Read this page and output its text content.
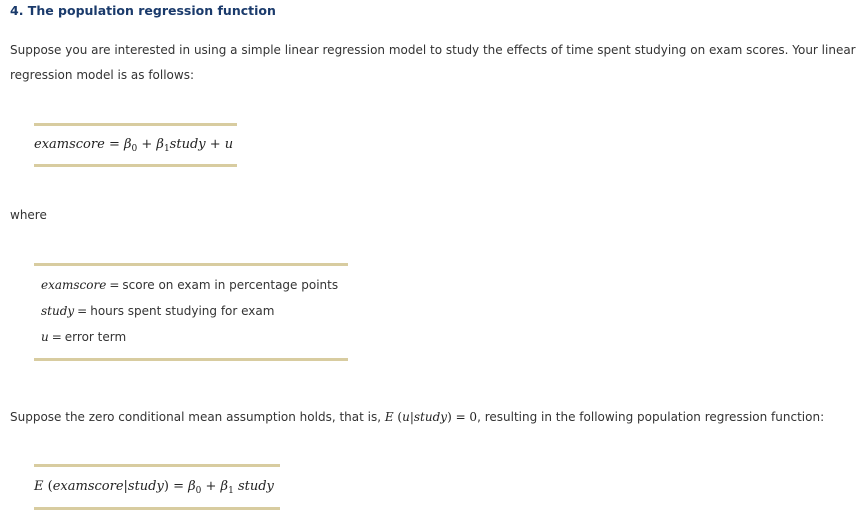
4. The population regression function
Suppose you are interested in using a simple linear regression model to study the effects of time spent studying on exam scores. Your linear
regression model is as follows:
examscore = $\beta_0$ + $\beta_1study + u$
where
examscore = score on exam in percentage points
study = hours spent studying for exam
u = error term
Suppose the zero conditional mean assumption holds, that is, E (u|study) = 0, resulting in the following population regression function:
E (examscore|study) = $\beta_0 + \beta_1$ study
